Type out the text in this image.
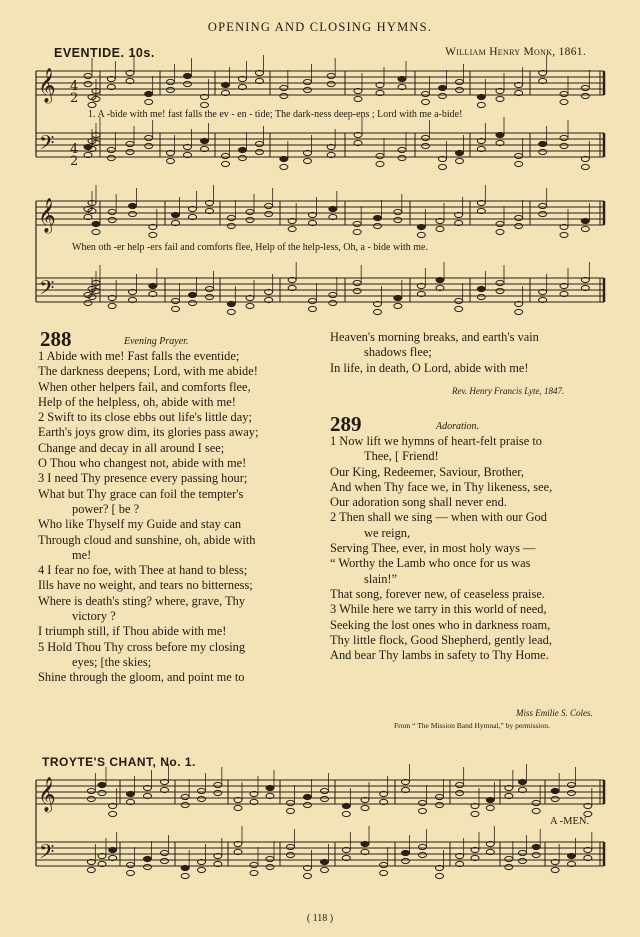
OPENING AND CLOSING HYMNS.
EVENTIDE. 10s.	William Henry Monk, 1861.
𝄞
𝄢
𝄞
𝄢
𝄞
𝄢
4
2
4
2
1. A -bide with me! fast falls the ev - en - tide; The dark-ness deep-ens ; Lord with me a-bide!
When oth -er help -ers fail and comforts flee, Help of the help-less, Oh, a - bide with me.
288	Evening Prayer.
1 Abide with me! Fast falls the eventide;
The darkness deepens; Lord, with me abide!
When other helpers fail, and comforts flee,
Help of the helpless, oh, abide with me!
2 Swift to its close ebbs out life's little day;
Earth's joys grow dim, its glories pass away;
Change and decay in all around I see;
O Thou who changest not, abide with me!
3 I need Thy presence every passing hour;
What but Thy grace can foil the tempter's
power? [ be ?
Who like Thyself my Guide and stay can
Through cloud and sunshine, oh, abide with
me!
4 I fear no foe, with Thee at hand to bless;
Ills have no weight, and tears no bitterness;
Where is death's sting? where, grave, Thy
victory ?
I triumph still, if Thou abide with me!
5 Hold Thou Thy cross before my closing
eyes; [the skies;
Shine through the gloom, and point me to
Heaven's morning breaks, and earth's vain
shadows flee;
In life, in death, O Lord, abide with me!
Rev. Henry Francis Lyte, 1847.
289	Adoration.
1 Now lift we hymns of heart-felt praise to
Thee, [ Friend!
Our King, Redeemer, Saviour, Brother,
And when Thy face we, in Thy likeness, see,
Our adoration song shall never end.
2 Then shall we sing — when with our God
we reign,
Serving Thee, ever, in most holy ways —
“ Worthy the Lamb who once for us was
slain!”
That song, forever new, of ceaseless praise.
3 While here we tarry in this world of need,
Seeking the lost ones who in darkness roam,
Thy little flock, Good Shepherd, gently lead,
And bear Thy lambs in safety to Thy Home.
Miss Emilie S. Coles.
From “ The Mission Band Hymnal,” by permission.
TROYTE'S CHANT, No. 1.
A -MEN.
( 118 )
